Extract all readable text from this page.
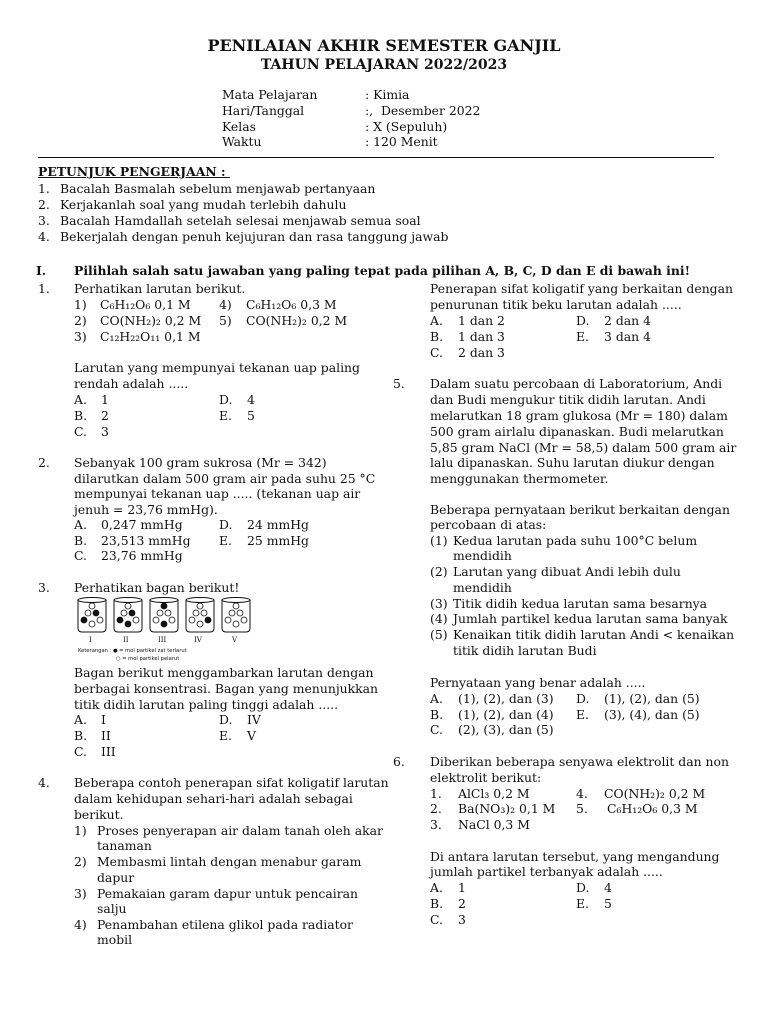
PENILAIAN AKHIR SEMESTER GANJIL
TAHUN PELAJARAN 2022/2023
Mata Pelajaran	: Kimia
Hari/Tanggal	:,  Desember 2022
Kelas	: X (Sepuluh)
Waktu	: 120 Menit
PETUNJUK PENGERJAAN :
1. Bacalah Basmalah sebelum menjawab pertanyaan
2. Kerjakanlah soal yang mudah terlebih dahulu
3. Bacalah Hamdallah setelah selesai menjawab semua soal
4. Bekerjalah dengan penuh kejujuran dan rasa tanggung jawab
I. Pilihlah salah satu jawaban yang paling tepat pada pilihan A, B, C, D dan E di bawah ini!
1. Perhatikan larutan berikut.
1) C₆H₁₂O₆ 0,1 M 4) C₆H₁₂O₆ 0,3 M
2) CO(NH₂)₂ 0,2 M 5) CO(NH₂)₂ 0,2 M
3) C₁₂H₂₂O₁₁ 0,1 M
Larutan yang mempunyai tekanan uap paling
rendah adalah .....
A. 1	D. 4
B. 2	E. 5
C. 3
2. Sebanyak 100 gram sukrosa (Mr = 342)
dilarutkan dalam 500 gram air pada suhu 25 °C
mempunyai tekanan uap ..... (tekanan uap air
jenuh = 23,76 mmHg).
A. 0,247 mmHg	D. 24 mmHg
B. 23,513 mmHg E. 25 mmHg
C. 23,76 mmHg
3. Perhatikan bagan berikut!
I	II	III	IV	V
Keterangan : ● = mol partikel zat terlarut
○ = mol partikel pelarut
Bagan berikut menggambarkan larutan dengan
berbagai konsentrasi. Bagan yang menunjukkan
titik didih larutan paling tinggi adalah .....
A. I	D. IV
B. II	E. V
C. III
4. Beberapa contoh penerapan sifat koligatif larutan
dalam kehidupan sehari-hari adalah sebagai
berikut.
1) Proses penyerapan air dalam tanah oleh akar
tanaman
2) Membasmi lintah dengan menabur garam
dapur
3) Pemakaian garam dapur untuk pencairan
salju
4) Penambahan etilena glikol pada radiator
mobil
Penerapan sifat koligatif yang berkaitan dengan
penurunan titik beku larutan adalah .....
A. 1 dan 2	D. 2 dan 4
B. 1 dan 3	E. 3 dan 4
C. 2 dan 3
5. Dalam suatu percobaan di Laboratorium, Andi
dan Budi mengukur titik didih larutan. Andi
melarutkan 18 gram glukosa (Mr = 180) dalam
500 gram airlalu dipanaskan. Budi melarutkan
5,85 gram NaCl (Mr = 58,5) dalam 500 gram air
lalu dipanaskan. Suhu larutan diukur dengan
menggunakan thermometer.
Beberapa pernyataan berikut berkaitan dengan
percobaan di atas:
(1) Kedua larutan pada suhu 100°C belum
mendidih
(2) Larutan yang dibuat Andi lebih dulu
mendidih
(3) Titik didih kedua larutan sama besarnya
(4) Jumlah partikel kedua larutan sama banyak
(5) Kenaikan titik didih larutan Andi < kenaikan
titik didih larutan Budi
Pernyataan yang benar adalah .....
A. (1), (2), dan (3) D. (1), (2), dan (5)
B. (1), (2), dan (4) E. (3), (4), dan (5)
C. (2), (3), dan (5)
6. Diberikan beberapa senyawa elektrolit dan non
elektrolit berikut:
1. AlCl₃ 0,2 M	4. CO(NH₂)₂ 0,2 M
2. Ba(NO₃)₂ 0,1 M 5. C₆H₁₂O₆ 0,3 M
3. NaCl 0,3 M
Di antara larutan tersebut, yang mengandung
jumlah partikel terbanyak adalah .....
A. 1	D. 4
B. 2	E. 5
C. 3
